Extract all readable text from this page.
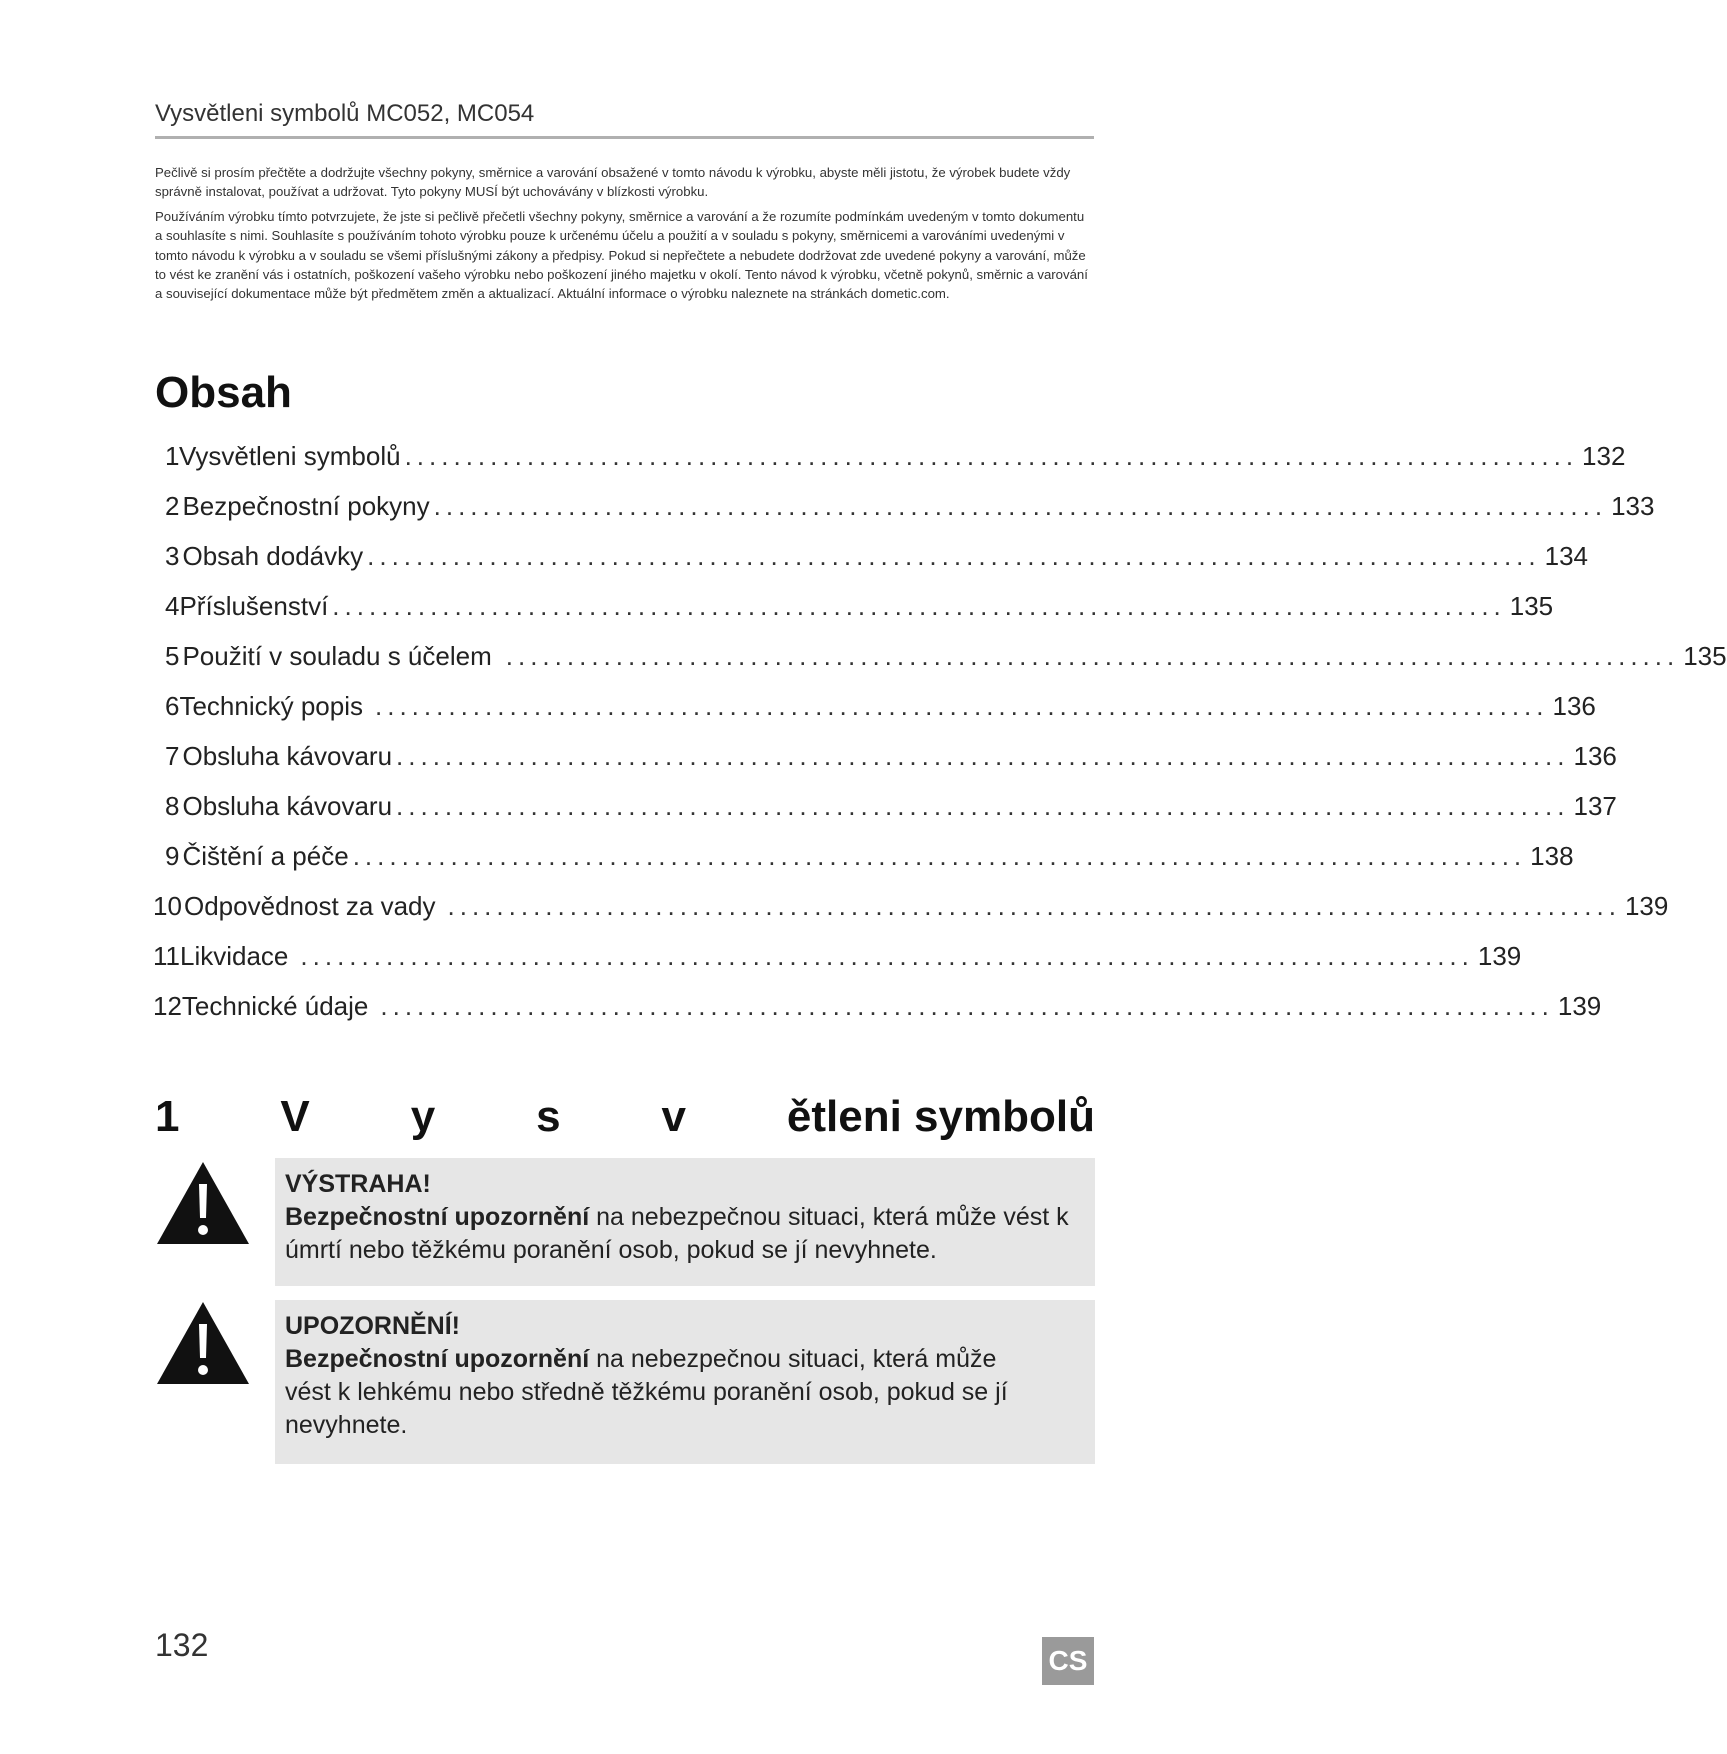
Vysvětleni symbolů MC052, MC054

Pečlivě si prosím přečtěte a dodržujte všechny pokyny, směrnice a varování obsažené v tomto návodu k výrobku, abyste měli jistotu, že výrobek budete vždy správně instalovat, používat a udržovat. Tyto pokyny MUSÍ být uchovávány v blízkosti výrobku.

Používáním výrobku tímto potvrzujete, že jste si pečlivě přečetli všechny pokyny, směrnice a varování a že rozumíte podmínkám uvedeným v tomto dokumentu a souhlasíte s nimi. Souhlasíte s používáním tohoto výrobku pouze k určenému účelu a použití a v souladu s pokyny, směrnicemi a varováními uvedenými v tomto návodu k výrobku a v souladu se všemi příslušnými zákony a předpisy. Pokud si nepřečtete a nebudete dodržovat zde uvedené pokyny a varování, může to vést ke zranění vás i ostatních, poškození vašeho výrobku nebo poškození jiného majetku v okolí. Tento návod k výrobku, včetně pokynů, směrnic a varování a související dokumentace může být předmětem změn a aktualizací. Aktuální informace o výrobku naleznete na stránkách dometic.com.

Obsah
1 Vysvětleni symbolů ................................................................................................ 132
2 Bezpečnostní pokyny ................................................................................................ 133
3 Obsah dodávky ................................................................................................ 134
4 Příslušenství ................................................................................................ 135
5 Použití v souladu s účelem ................................................................................................ 135
6 Technický popis ................................................................................................ 136
7 Obsluha kávovaru ................................................................................................ 136
8 Obsluha kávovaru ................................................................................................ 137
9 Čištění a péče ................................................................................................ 138
10 Odpovědnost za vady ................................................................................................ 139
11 Likvidace ................................................................................................ 139
12 Technické údaje ................................................................................................ 139
1 V y s v ětleni symbolů
VÝSTRAHA!
Bezpečnostní upozornění na nebezpečnou situaci, která může vést k úmrtí nebo těžkému poranění osob, pokud se jí nevyhnete.
UPOZORNĚNÍ!
Bezpečnostní upozornění na nebezpečnou situaci, která může vést k lehkému nebo středně těžkému poranění osob, pokud se jí nevyhnete.
132	CS
